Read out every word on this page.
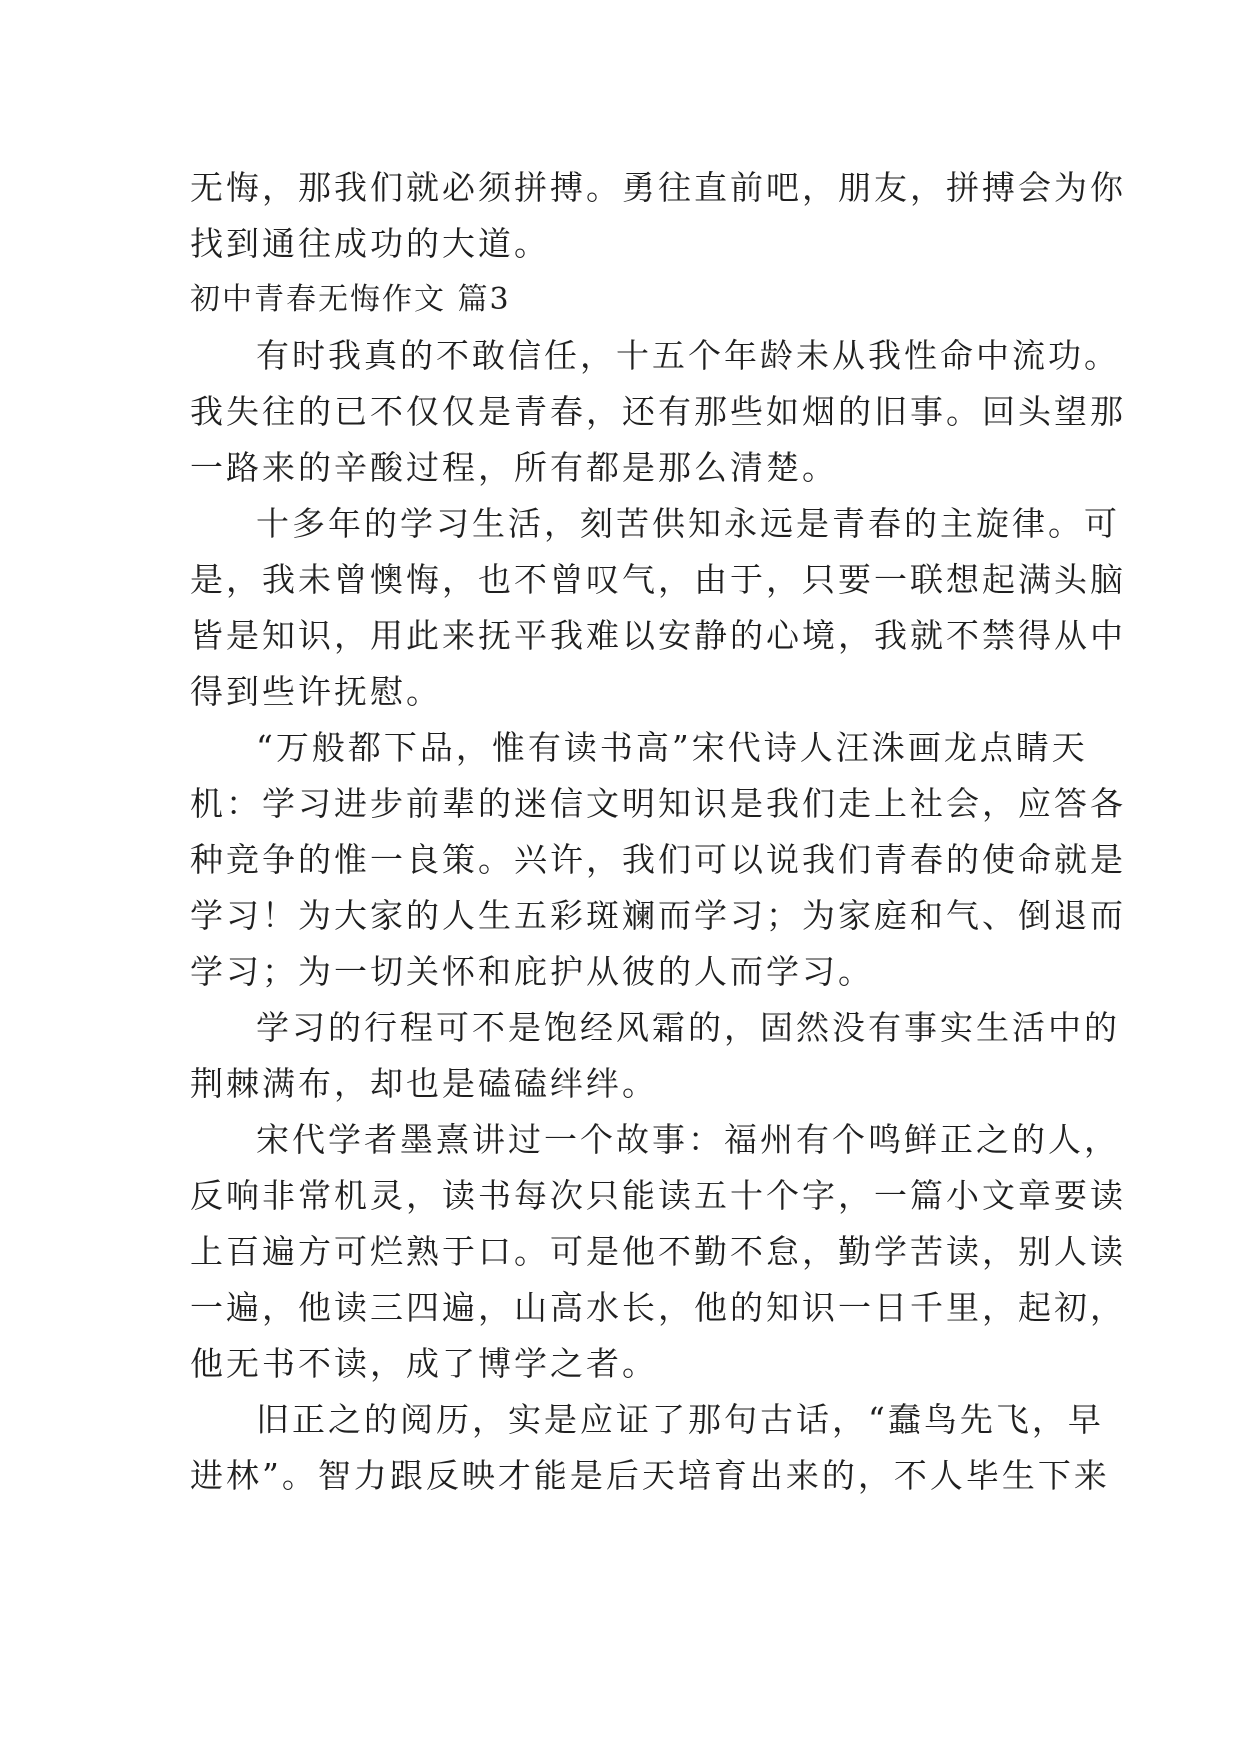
无悔，那我们就必须拼搏。勇往直前吧，朋友，拼搏会为你
找到通往成功的大道。
初中青春无悔作文 篇3
有时我真的不敢信任，十五个年龄未从我性命中流功。
我失往的已不仅仅是青春，还有那些如烟的旧事。回头望那
一路来的辛酸过程，所有都是那么清楚。
十多年的学习生活，刻苦供知永远是青春的主旋律。可
是，我未曾懊悔，也不曾叹气，由于，只要一联想起满头脑
皆是知识，用此来抚平我难以安静的心境，我就不禁得从中
得到些许抚慰。
“万般都下品，惟有读书高”宋代诗人汪洙画龙点睛天
机：学习进步前辈的迷信文明知识是我们走上社会，应答各
种竞争的惟一良策。兴许，我们可以说我们青春的使命就是
学习！为大家的人生五彩斑斓而学习；为家庭和气、倒退而
学习；为一切关怀和庇护从彼的人而学习。
学习的行程可不是饱经风霜的，固然没有事实生活中的
荆棘满布，却也是磕磕绊绊。
宋代学者墨熹讲过一个故事：福州有个鸣鲜正之的人，
反响非常机灵，读书每次只能读五十个字，一篇小文章要读
上百遍方可烂熟于口。可是他不勤不怠，勤学苦读，别人读
一遍，他读三四遍，山高水长，他的知识一日千里，起初，
他无书不读，成了博学之者。
旧正之的阅历，实是应证了那句古话，“蠢鸟先飞，早
进林”。智力跟反映才能是后天培育出来的，不人毕生下来
